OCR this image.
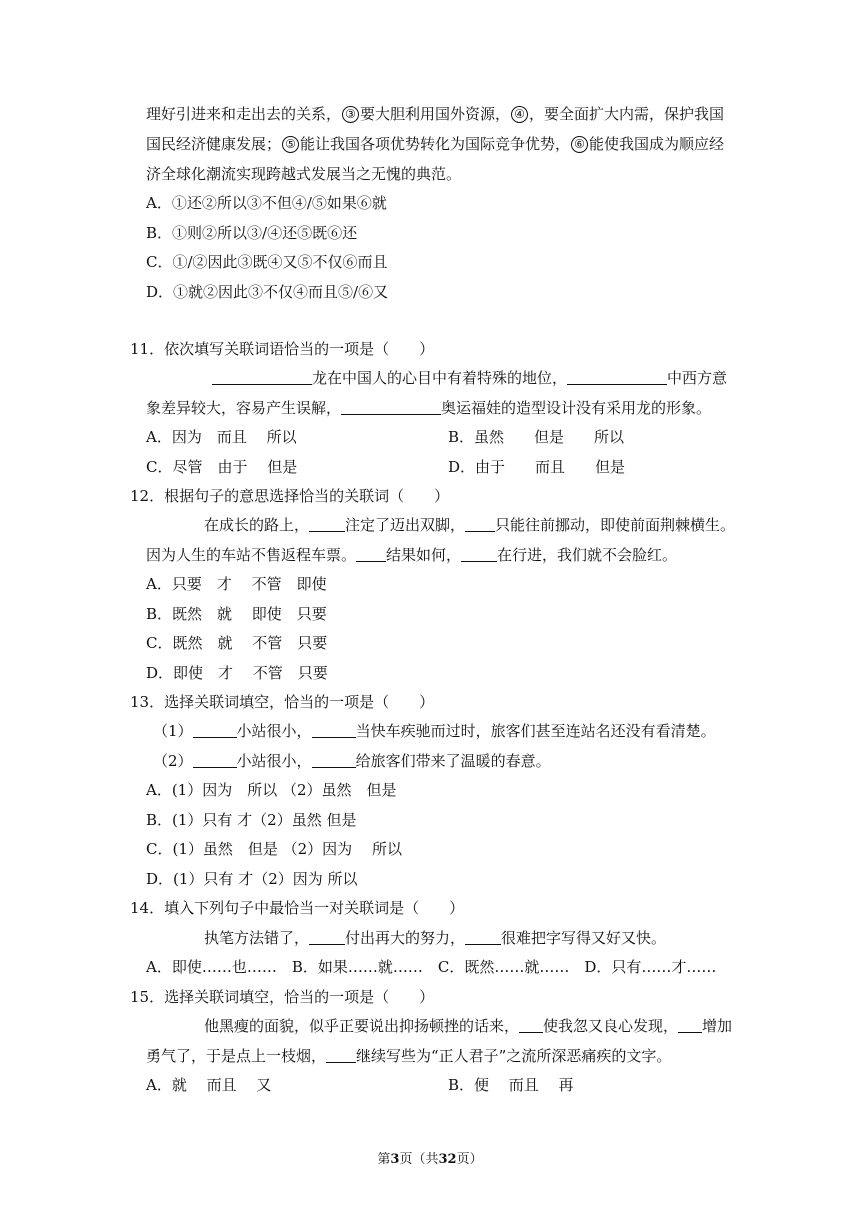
理好引进来和走出去的关系， ③ 要大胆利用国外资源， ④ ，要全面扩大内需，保护我国
国民经济健康发展； ⑤ 能让我国各项优势转化为国际竞争优势， ⑥ 能使我国成为顺应经
济全球化潮流实现跨越式发展当之无愧的典范。
A．①还②所以③不但④/⑤如果⑥就
B．①则②所以③/④还⑤既⑥还
C．①/②因此③既④又⑤不仅⑥而且
D．①就②因此③不仅④而且⑤/⑥又
11．依次填写关联词语恰当的一项是（　　）
龙在中国人的心目中有着特殊的地位，	中西方意
象差异较大，容易产生误解，	奥运福娃的造型设计没有采用龙的形象。
A．因为　而且　 所以	B．虽然　　但是　　所以
C．尽管　由于　 但是	D．由于　　而且　　但是
12．根据句子的意思选择恰当的关联词（　　）
在成长的路上， 注定了迈出双脚， 只能往前挪动，即使前面荆棘横生。
因为人生的车站不售返程车票。 结果如何， 在行进，我们就不会脸红。
A．只要　才　 不管　即使
B．既然　就　 即使　只要
C．既然　就　 不管　只要
D．即使　才　 不管　只要
13．选择关联词填空，恰当的一项是（　　）
（1）	小站很小，	当快车疾驰而过时，旅客们甚至连站名还没有看清楚。
（2）	小站很小，	给旅客们带来了温暖的春意。
A．(1）因为　所以 （2）虽然　但是
B．(1）只有 才（2）虽然 但是
C．(1）虽然　但是 （2）因为　 所以
D．(1）只有 才（2）因为 所以
14．填入下列句子中最恰当一对关联词是（　　）
执笔方法错了， 付出再大的努力， 很难把字写得又好又快。
A．即使……也……　B．如果……就……　C．既然……就……　D．只有……才……
15．选择关联词填空，恰当的一项是（　　）
他黑瘦的面貌，似乎正要说出抑扬顿挫的话来， 使我忽又良心发现， 增加
勇气了，于是点上一枝烟， 继续写些为“正人君子”之流所深恶痛疾的文字。
A．就　 而且　 又	B．便　 而且　 再
第3页（共32页）
